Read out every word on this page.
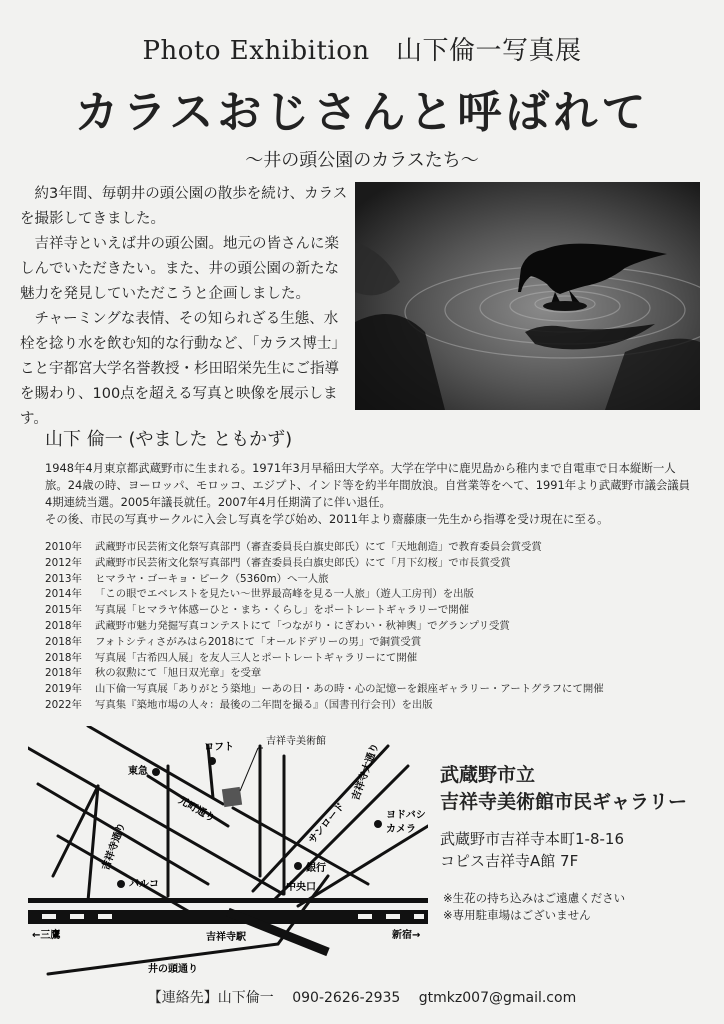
Photo Exhibition 山下倫一写真展
カラスおじさんと呼ばれて
～井の頭公園のカラスたち～

約3年間、毎朝井の頭公園の散歩を続け、カラスを撮影してきました。

吉祥寺といえば井の頭公園。地元の皆さんに楽しんでいただきたい。また、井の頭公園の新たな魅力を発見していただこうと企画しました。

チャーミングな表情、その知られざる生態、水栓を捻り水を飲む知的な行動など、「カラス博士」こと宇都宮大学名誉教授・杉田昭栄先生にご指導を賜わり、100点を超える写真と映像を展示します。

山下 倫一 (やました ともかず)

1948年4月東京都武蔵野市に生まれる。1971年3月早稲田大学卒。大学在学中に鹿児島から稚内まで自電車で日本縦断一人旅。24歳の時、ヨーロッパ、モロッコ、エジプト、インド等を約半年間放浪。自営業等をへて、1991年より武蔵野市議会議員4期連続当選。2005年議長就任。2007年4月任期満了に伴い退任。

その後、市民の写真サークルに入会し写真を学び始め、2011年より齋藤康一先生から指導を受け現在に至る。

2010年	武蔵野市民芸術文化祭写真部門（審査委員長白旗史郎氏）にて「天地創造」で教育委員会賞受賞
2012年	武蔵野市民芸術文化祭写真部門（審査委員長白旗史郎氏）にて「月下幻桜」で市長賞受賞
2013年	ヒマラヤ・ゴーキョ・ピーク（5360m）へ一人旅
2014年	「この眼でエベレストを見たい～世界最高峰を見る一人旅」（遊人工房刊）を出版
2015年	写真展「ヒマラヤ体感ーひと・まち・くらし」をポートレートギャラリーで開催
2018年	武蔵野市魅力発掘写真コンテストにて「つながり・にぎわい・秋神輿」でグランプリ受賞
2018年	フォトシティさがみはら2018にて「オールドデリーの男」で銅賞受賞
2018年	写真展「古希四人展」を友人三人とポートレートギャラリーにて開催
2018年	秋の叙勲にて「旭日双光章」を受章
2019年	山下倫一写真展「ありがとう築地」ーあの日・あの時・心の記憶ーを銀座ギャラリー・アートグラフにて開催
2022年	写真集『築地市場の人々：最後の二年間を撮る』（国書刊行会刊）を出版
吉祥寺美術館
ロフト
東急
元町通り	サンロード
吉祥寺通り
吉祥寺大通り
ヨドバシ
カメラ
銀行
パルコ	中央口
吉祥寺駅
←三鷹	新宿→
井の頭通り
武蔵野市立
吉祥寺美術館市民ギャラリー
武蔵野市吉祥寺本町1-8-16
コピス吉祥寺A館 7F
※生花の持ち込みはご遠慮ください
※専用駐車場はございません
【連絡先】山下倫一 090-2626-2935 gtmkz007@gmail.com
